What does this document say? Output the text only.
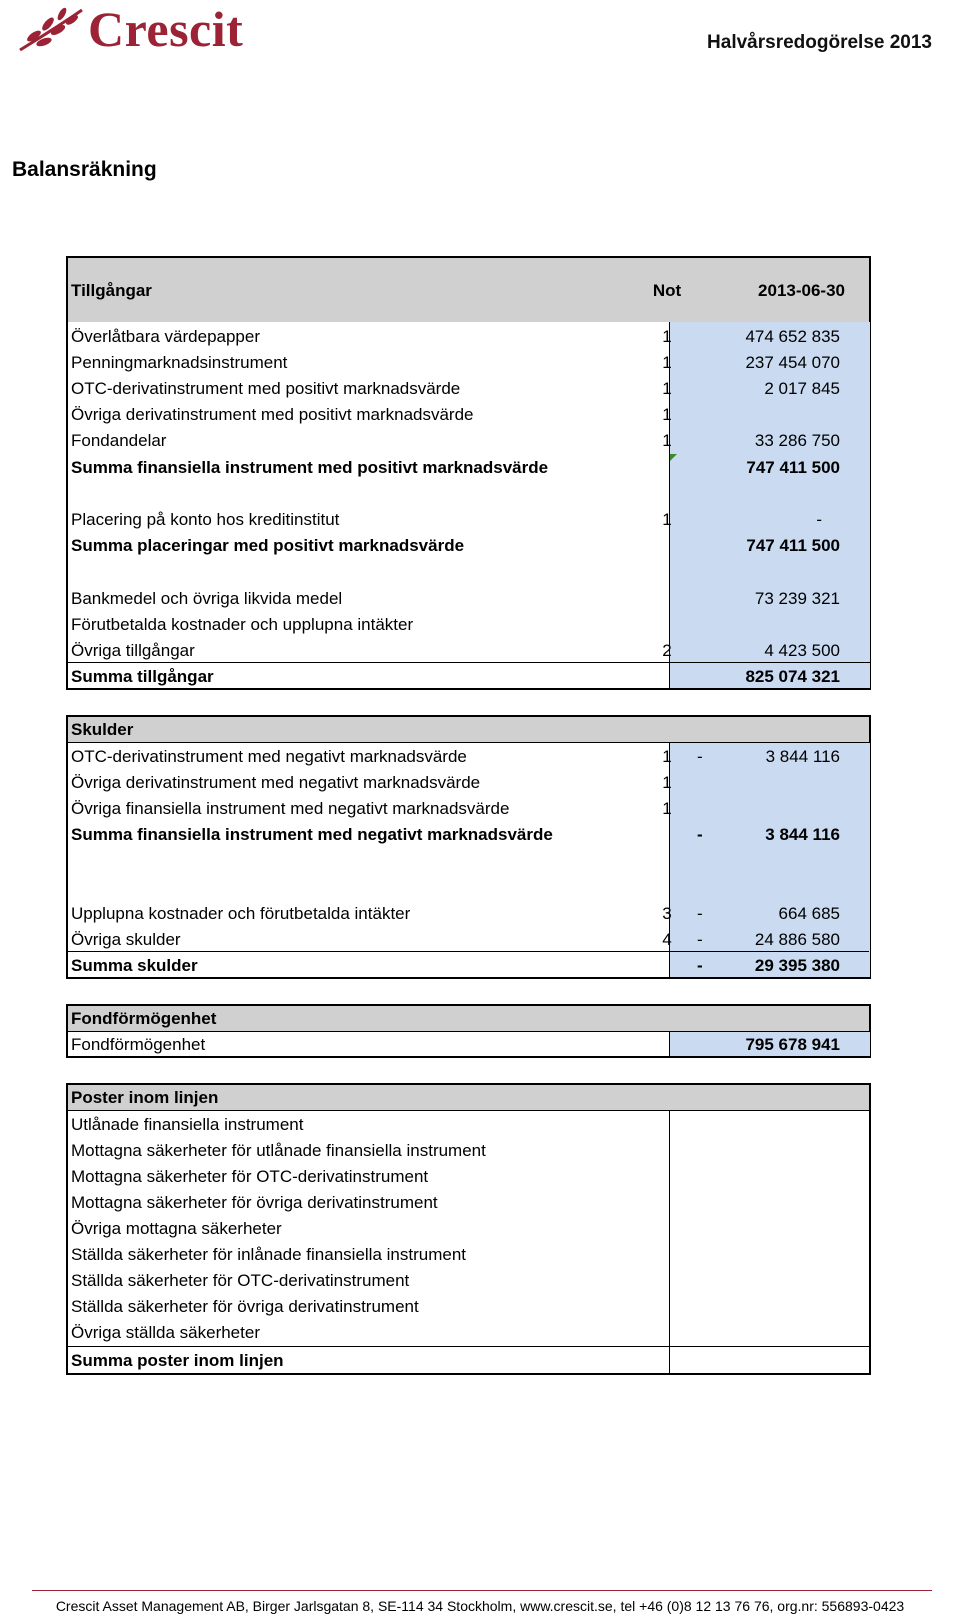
Crescit	Halvårsredogörelse 2013
Balansräkning
Tillgångar	Not	2013-06-30
Överlåtbara värdepapper	1	474 652 835
Penningmarknadsinstrument	1	237 454 070
OTC-derivatinstrument med positivt marknadsvärde	1	2 017 845
Övriga derivatinstrument med positivt marknadsvärde	1
Fondandelar	1	33 286 750
Summa finansiella instrument med positivt marknadsvärde	747 411 500
Placering på konto hos kreditinstitut	1	-
Summa placeringar med positivt marknadsvärde	747 411 500
Bankmedel och övriga likvida medel	73 239 321
Förutbetalda kostnader och upplupna intäkter
Övriga tillgångar	2	4 423 500
Summa tillgångar	825 074 321
Skulder
OTC-derivatinstrument med negativt marknadsvärde	1	-	3 844 116
Övriga derivatinstrument med negativt marknadsvärde	1
Övriga finansiella instrument med negativt marknadsvärde	1
Summa finansiella instrument med negativt marknadsvärde	-	3 844 116
Upplupna kostnader och förutbetalda intäkter	3	-	664 685
Övriga skulder	4	-	24 886 580
Summa skulder	-	29 395 380
Fondförmögenhet
Fondförmögenhet	795 678 941
Poster inom linjen
Utlånade finansiella instrument
Mottagna säkerheter för utlånade finansiella instrument
Mottagna säkerheter för OTC-derivatinstrument
Mottagna säkerheter för övriga derivatinstrument
Övriga mottagna säkerheter
Ställda säkerheter för inlånade finansiella instrument
Ställda säkerheter för OTC-derivatinstrument
Ställda säkerheter för övriga derivatinstrument
Övriga ställda säkerheter
Summa poster inom linjen
Crescit Asset Management AB, Birger Jarlsgatan 8, SE-114 34 Stockholm, www.crescit.se, tel +46 (0)8 12 13 76 76, org.nr: 556893-0423
